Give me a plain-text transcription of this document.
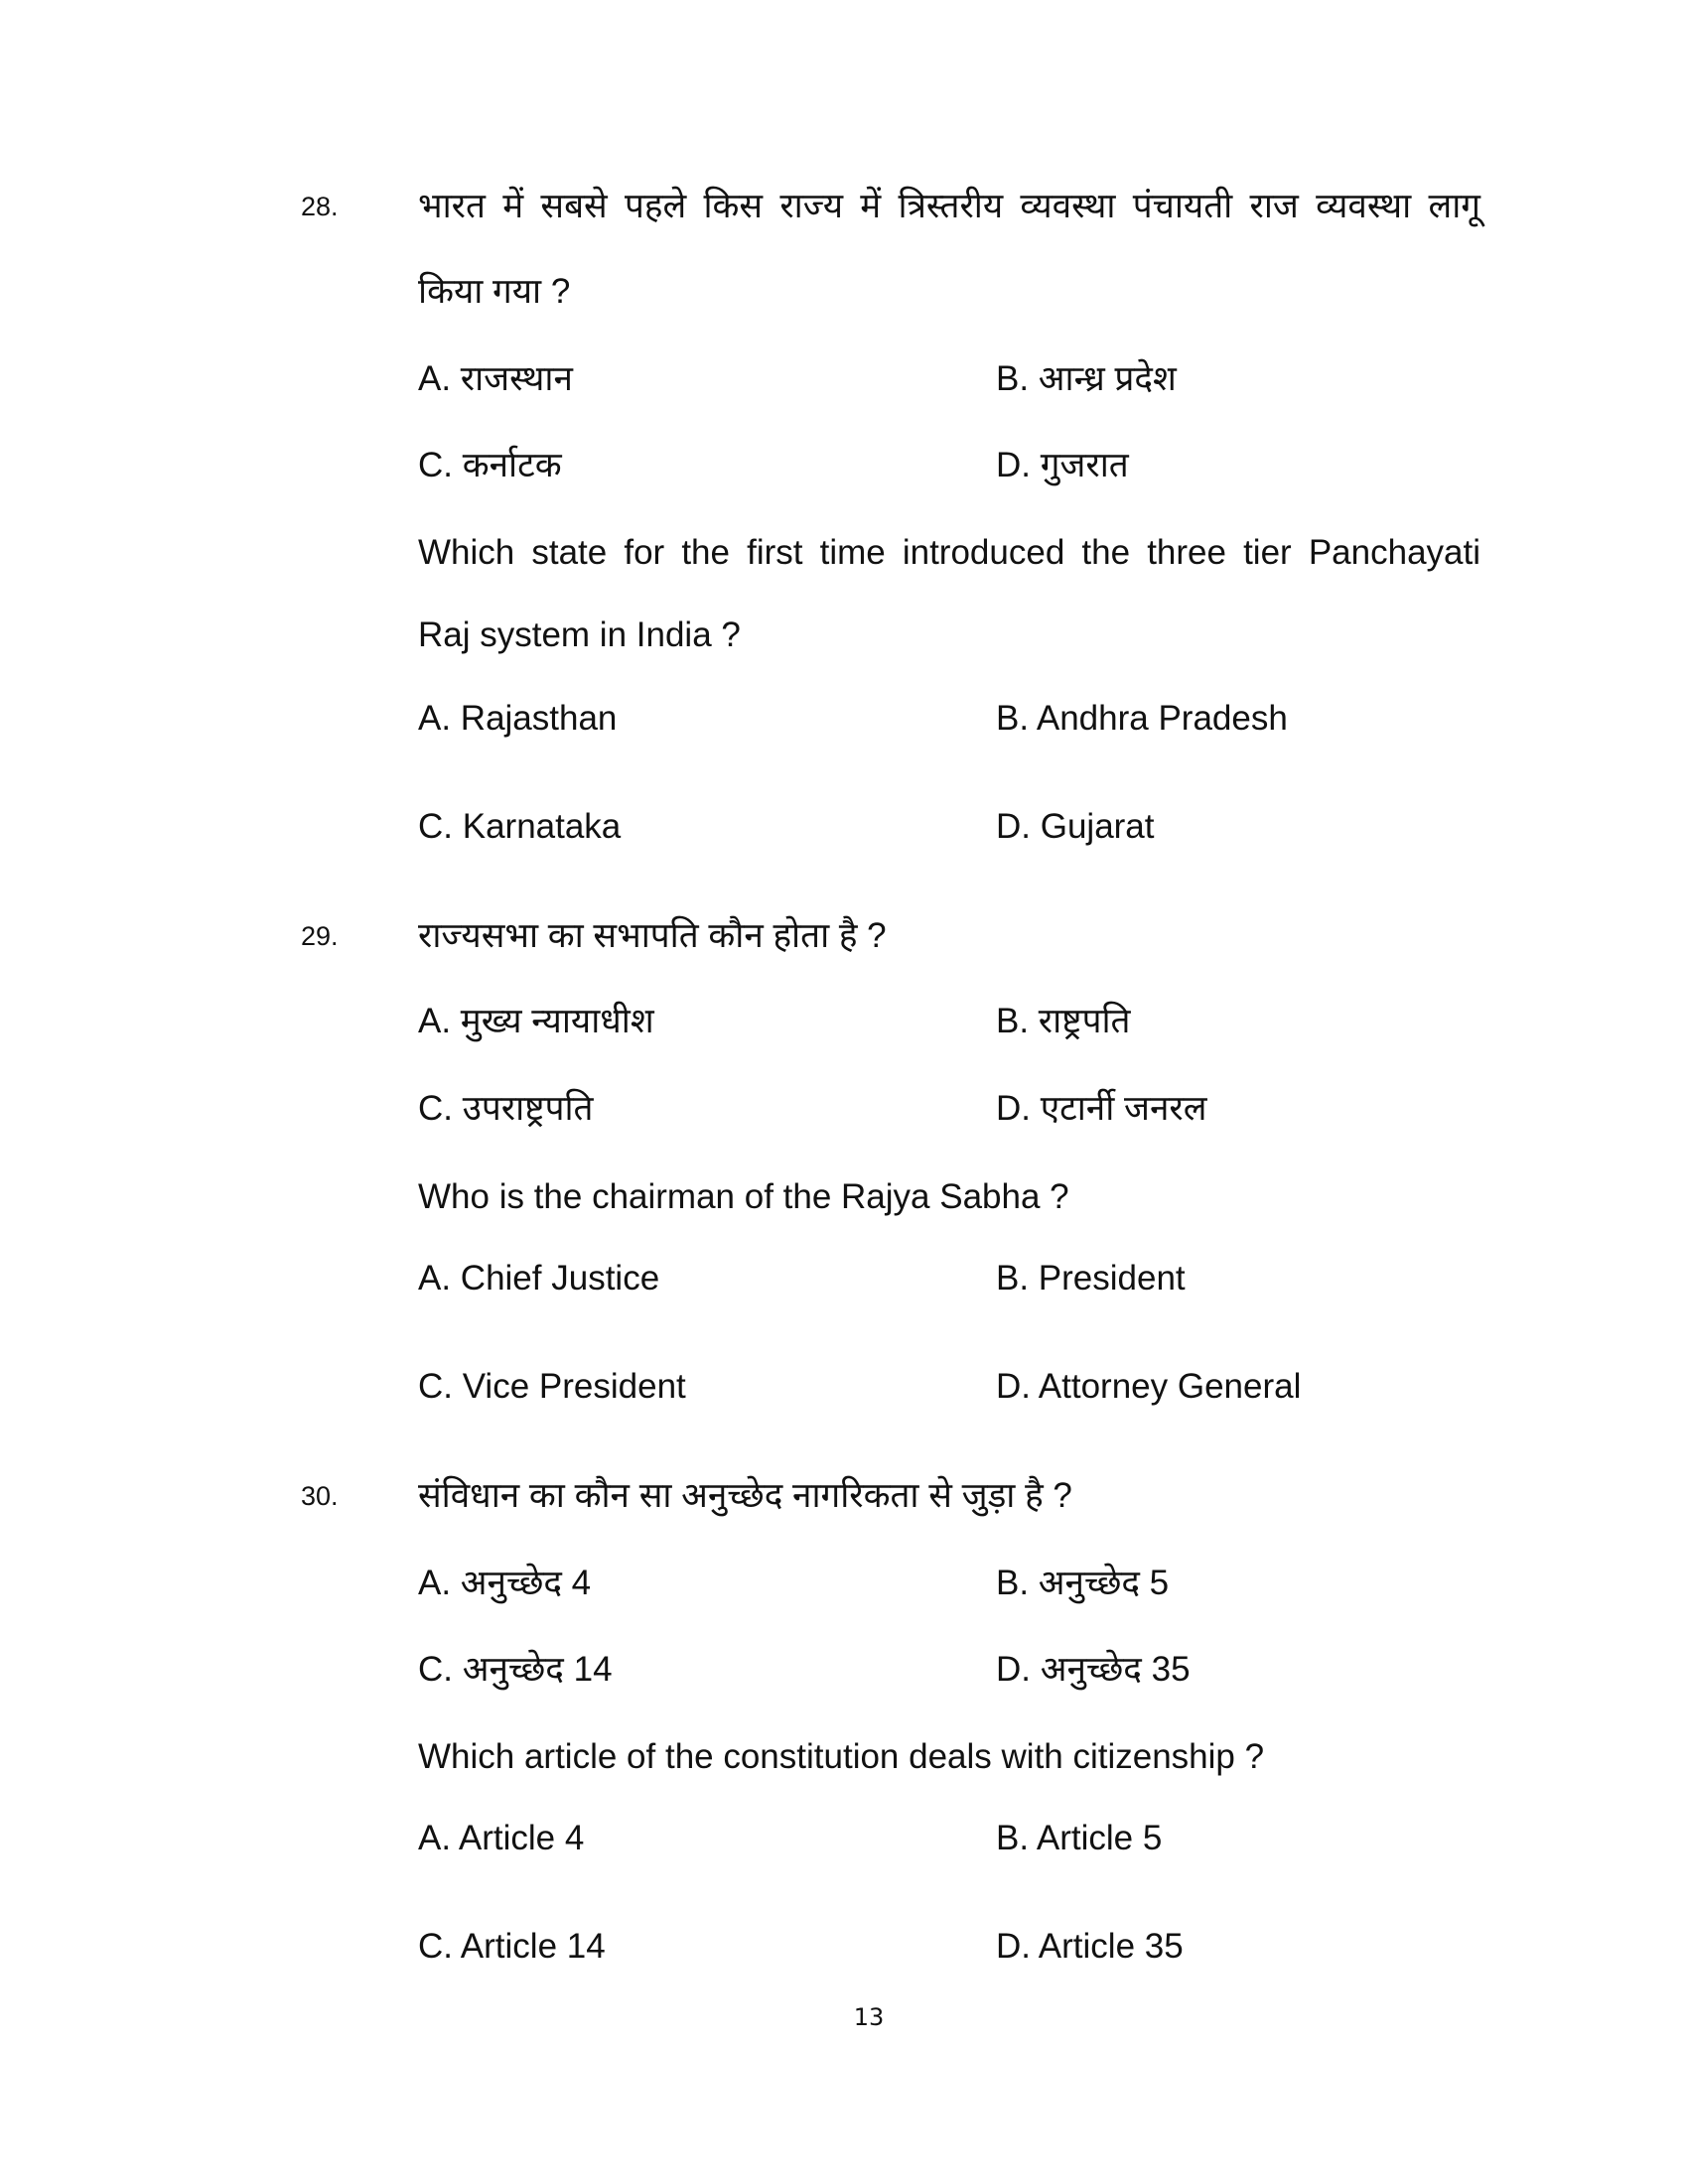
28. भारत में सबसे पहले किस राज्य में त्रिस्तरीय व्यवस्था पंचायती राज व्यवस्था लागू
किया गया ?
A. राजस्थान	B. आन्ध्र प्रदेश
C. कर्नाटक	D. गुजरात
Which state for the first time introduced the three tier Panchayati
Raj system in India ?
A. Rajasthan	B. Andhra Pradesh
C. Karnataka	D. Gujarat
29. राज्यसभा का सभापति कौन होता है ?
A. मुख्य न्यायाधीश	B. राष्ट्रपति
C. उपराष्ट्रपति	D. एटार्नी जनरल
Who is the chairman of the Rajya Sabha ?
A. Chief Justice	B. President
C. Vice President	D. Attorney General
30. संविधान का कौन सा अनुच्छेद नागरिकता से जुड़ा है ?
A. अनुच्छेद 4	B. अनुच्छेद 5
C. अनुच्छेद 14	D. अनुच्छेद 35
Which article of the constitution deals with citizenship ?
A. Article 4	B. Article 5
C. Article 14	D. Article 35
13
